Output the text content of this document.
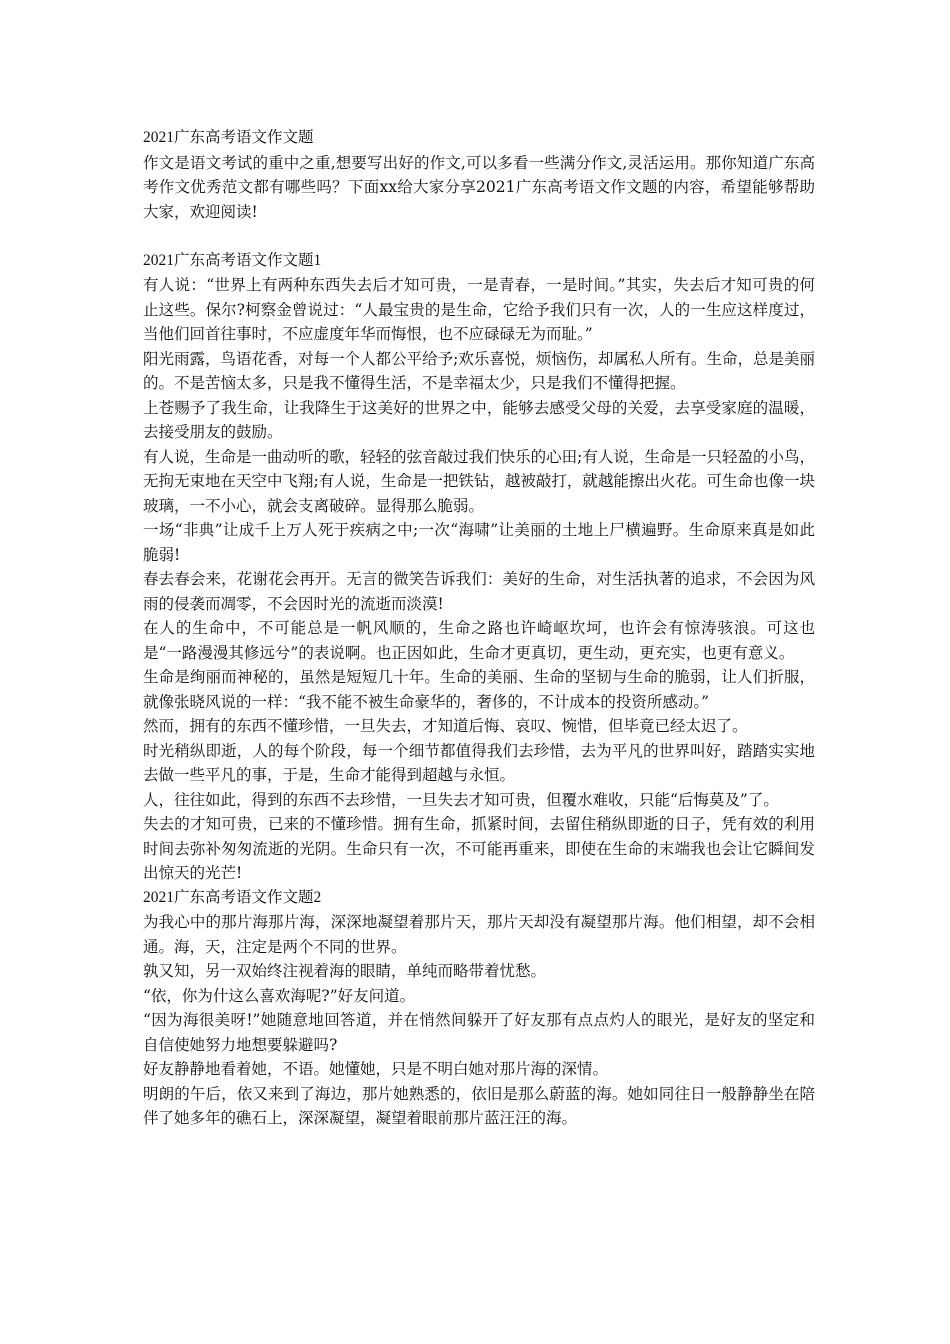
2021广东高考语文作文题

作文是语文考试的重中之重,想要写出好的作文,可以多看一些满分作文,灵活运用。那你知道广东高考作文优秀范文都有哪些吗？下面xx给大家分享2021广东高考语文作文题的内容，希望能够帮助大家，欢迎阅读!

2021广东高考语文作文题1

有人说：“世界上有两种东西失去后才知可贵，一是青春，一是时间。”其实，失去后才知可贵的何止这些。保尔?柯察金曾说过：“人最宝贵的是生命，它给予我们只有一次，人的一生应这样度过，当他们回首往事时，不应虚度年华而悔恨，也不应碌碌无为而耻。”

阳光雨露，鸟语花香，对每一个人都公平给予;欢乐喜悦，烦恼伤，却属私人所有。生命，总是美丽的。不是苦恼太多，只是我不懂得生活，不是幸福太少，只是我们不懂得把握。

上苍赐予了我生命，让我降生于这美好的世界之中，能够去感受父母的关爱，去享受家庭的温暖，去接受朋友的鼓励。

有人说，生命是一曲动听的歌，轻轻的弦音敲过我们快乐的心田;有人说，生命是一只轻盈的小鸟，无拘无束地在天空中飞翔;有人说，生命是一把铁钻，越被敲打，就越能擦出火花。可生命也像一块玻璃，一不小心，就会支离破碎。显得那么脆弱。

一场“非典”让成千上万人死于疾病之中;一次“海啸”让美丽的土地上尸横遍野。生命原来真是如此脆弱!

春去春会来，花谢花会再开。无言的微笑告诉我们：美好的生命，对生活执著的追求，不会因为风雨的侵袭而凋零，不会因时光的流逝而淡漠!

在人的生命中，不可能总是一帆风顺的，生命之路也许崎岖坎坷，也许会有惊涛骇浪。可这也是“一路漫漫其修远兮”的表说啊。也正因如此，生命才更真切，更生动，更充实，也更有意义。

生命是绚丽而神秘的，虽然是短短几十年。生命的美丽、生命的坚韧与生命的脆弱，让人们折服，就像张晓风说的一样：“我不能不被生命豪华的，奢侈的，不计成本的投资所感动。”

然而，拥有的东西不懂珍惜，一旦失去，才知道后悔、哀叹、惋惜，但毕竟已经太迟了。

时光稍纵即逝，人的每个阶段，每一个细节都值得我们去珍惜，去为平凡的世界叫好，踏踏实实地去做一些平凡的事，于是，生命才能得到超越与永恒。

人，往往如此，得到的东西不去珍惜，一旦失去才知可贵，但覆水难收，只能“后悔莫及”了。

失去的才知可贵，已来的不懂珍惜。拥有生命，抓紧时间，去留住稍纵即逝的日子，凭有效的利用时间去弥补匆匆流逝的光阴。生命只有一次，不可能再重来，即使在生命的末端我也会让它瞬间发出惊天的光芒!

2021广东高考语文作文题2

为我心中的那片海那片海，深深地凝望着那片天，那片天却没有凝望那片海。他们相望，却不会相通。海，天，注定是两个不同的世界。

孰又知，另一双始终注视着海的眼睛，单纯而略带着忧愁。

“依，你为什这么喜欢海呢?”好友问道。

“因为海很美呀!”她随意地回答道，并在悄然间躲开了好友那有点点灼人的眼光，是好友的坚定和自信使她努力地想要躲避吗?

好友静静地看着她，不语。她懂她，只是不明白她对那片海的深情。

明朗的午后，依又来到了海边，那片她熟悉的，依旧是那么蔚蓝的海。她如同往日一般静静坐在陪伴了她多年的礁石上，深深凝望，凝望着眼前那片蓝汪汪的海。
